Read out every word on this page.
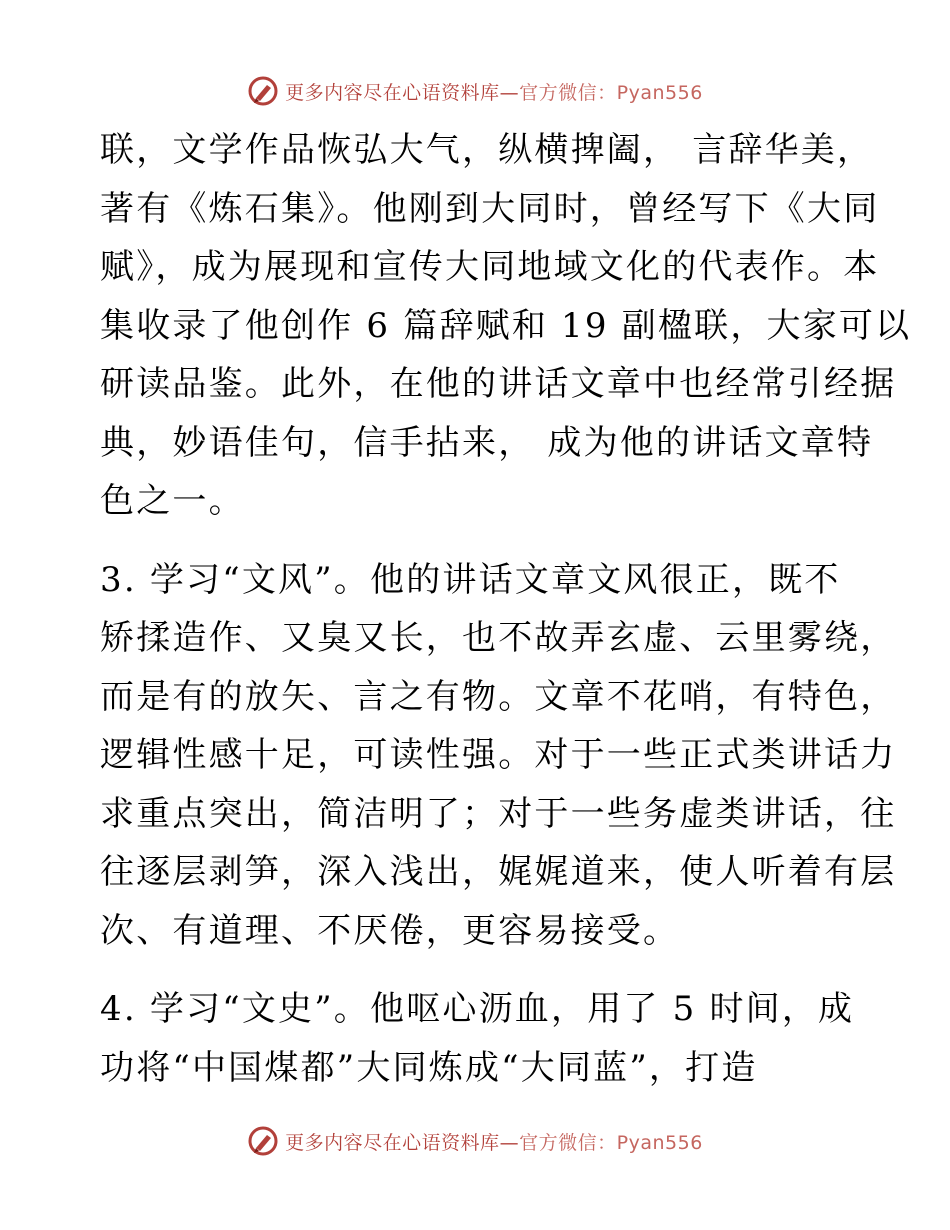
更多内容尽在心语资料库— 官方微信：Pyan556
联，文学作品恢弘大气，纵横捭阖， 言辞华美，
著有《炼石集》。他刚到大同时，曾经写下《大同
赋》，成为展现和宣传大同地域文化的代表作。本
集收录了他创作 6 篇辞赋和 19 副楹联，大家可以
研读品鉴。此外，在他的讲话文章中也经常引经据
典，妙语佳句，信手拈来， 成为他的讲话文章特
色之一。
3. 学习“文风”。他的讲话文章文风很正，既不
矫揉造作、又臭又长，也不故弄玄虚、云里雾绕，
而是有的放矢、言之有物。文章不花哨，有特色，
逻辑性感十足，可读性强。对于一些正式类讲话力
求重点突出，简洁明了；对于一些务虚类讲话，往
往逐层剥笋，深入浅出，娓娓道来，使人听着有层
次、有道理、不厌倦，更容易接受。
4. 学习“文史”。他呕心沥血，用了 5 时间，成
功将“中国煤都”大同炼成“大同蓝”，打造
更多内容尽在心语资料库— 官方微信：Pyan556
